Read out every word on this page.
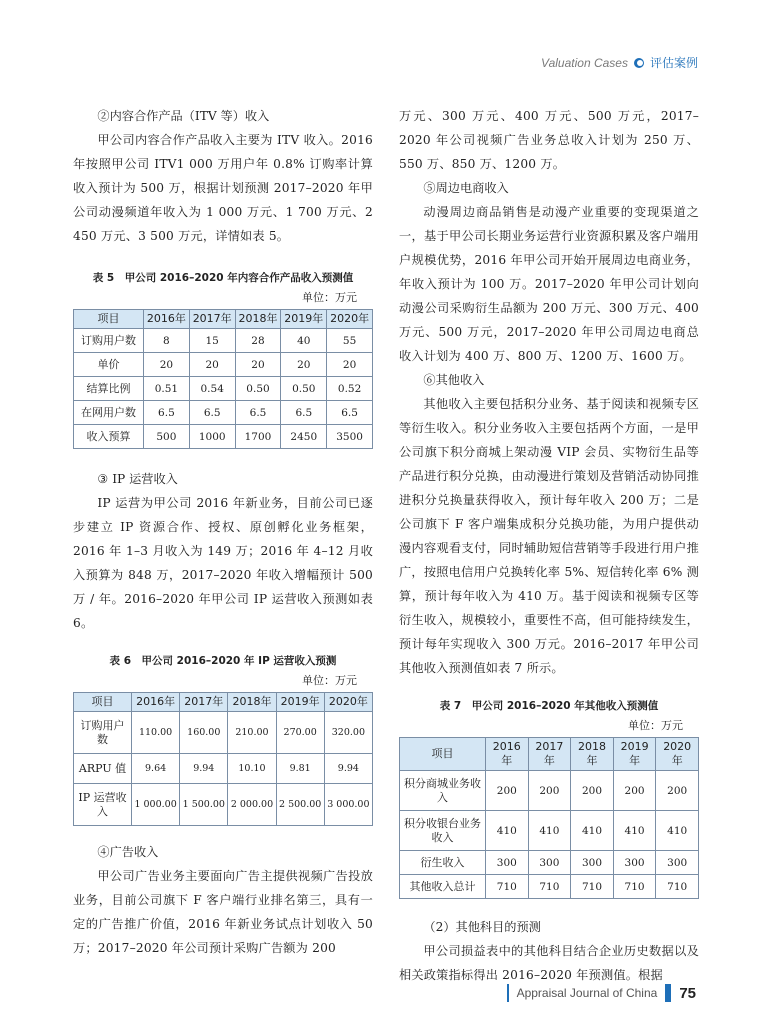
Valuation Cases 评估案例
②内容合作产品（ITV 等）收入
甲公司内容合作产品收入主要为 ITV 收入。2016 年按照甲公司 ITV1 000 万用户年 0.8% 订购率计算收入预计为 500 万，根据计划预测 2017–2020 年甲公司动漫频道年收入为 1 000 万元、1 700 万元、2 450 万元、3 500 万元，详情如表 5。
表 5　甲公司 2016–2020 年内容合作产品收入预测值
单位：万元
项目	2016年	2017年	2018年	2019年	2020年
订购用户数	8	15	28	40	55
单价	20	20	20	20	20
结算比例	0.51	0.54	0.50	0.50	0.52
在网用户数	6.5	6.5	6.5	6.5	6.5
收入预算	500	1000	1700	2450	3500
③ IP 运营收入
IP 运营为甲公司 2016 年新业务，目前公司已逐步建立 IP 资源合作、授权、原创孵化业务框架，2016 年 1–3 月收入为 149 万；2016 年 4–12 月收入预算为 848 万，2017–2020 年收入增幅预计 500 万 / 年。2016–2020 年甲公司 IP 运营收入预测如表 6。
表 6　甲公司 2016–2020 年 IP 运营收入预测
单位：万元
项目	2016年	2017年	2018年	2019年	2020年
订购用户数	110.00	160.00	210.00	270.00	320.00
ARPU 值	9.64	9.94	10.10	9.81	9.94
IP 运营收入	1 000.00	1 500.00	2 000.00	2 500.00	3 000.00
④广告收入
甲公司广告业务主要面向广告主提供视频广告投放业务，目前公司旗下 F 客户端行业排名第三，具有一定的广告推广价值，2016 年新业务试点计划收入 50 万；2017–2020 年公司预计采购广告额为 200
万元、300 万元、400 万元、500 万元，2017–2020 年公司视频广告业务总收入计划为 250 万、550 万、850 万、1200 万。
⑤周边电商收入
动漫周边商品销售是动漫产业重要的变现渠道之一，基于甲公司长期业务运营行业资源积累及客户端用户规模优势，2016 年甲公司开始开展周边电商业务，年收入预计为 100 万。2017–2020 年甲公司计划向动漫公司采购衍生品额为 200 万元、300 万元、400 万元、500 万元，2017–2020 年甲公司周边电商总收入计划为 400 万、800 万、1200 万、1600 万。
⑥其他收入
其他收入主要包括积分业务、基于阅读和视频专区等衍生收入。积分业务收入主要包括两个方面，一是甲公司旗下积分商城上架动漫 VIP 会员、实物衍生品等产品进行积分兑换，由动漫进行策划及营销活动协同推进积分兑换量获得收入，预计每年收入 200 万；二是公司旗下 F 客户端集成积分兑换功能，为用户提供动漫内容观看支付，同时辅助短信营销等手段进行用户推广，按照电信用户兑换转化率 5%、短信转化率 6% 测算，预计每年收入为 410 万。基于阅读和视频专区等衍生收入，规模较小，重要性不高，但可能持续发生，预计每年实现收入 300 万元。2016–2017 年甲公司其他收入预测值如表 7 所示。
表 7　甲公司 2016–2020 年其他收入预测值
单位：万元
项目	2016年	2017年	2018年	2019年	2020年
积分商城业务收入	200	200	200	200	200
积分收银台业务收入	410	410	410	410	410
衍生收入	300	300	300	300	300
其他收入总计	710	710	710	710	710
（2）其他科目的预测
甲公司损益表中的其他科目结合企业历史数据以及相关政策指标得出 2016–2020 年预测值。根据
Appraisal Journal of China 75
